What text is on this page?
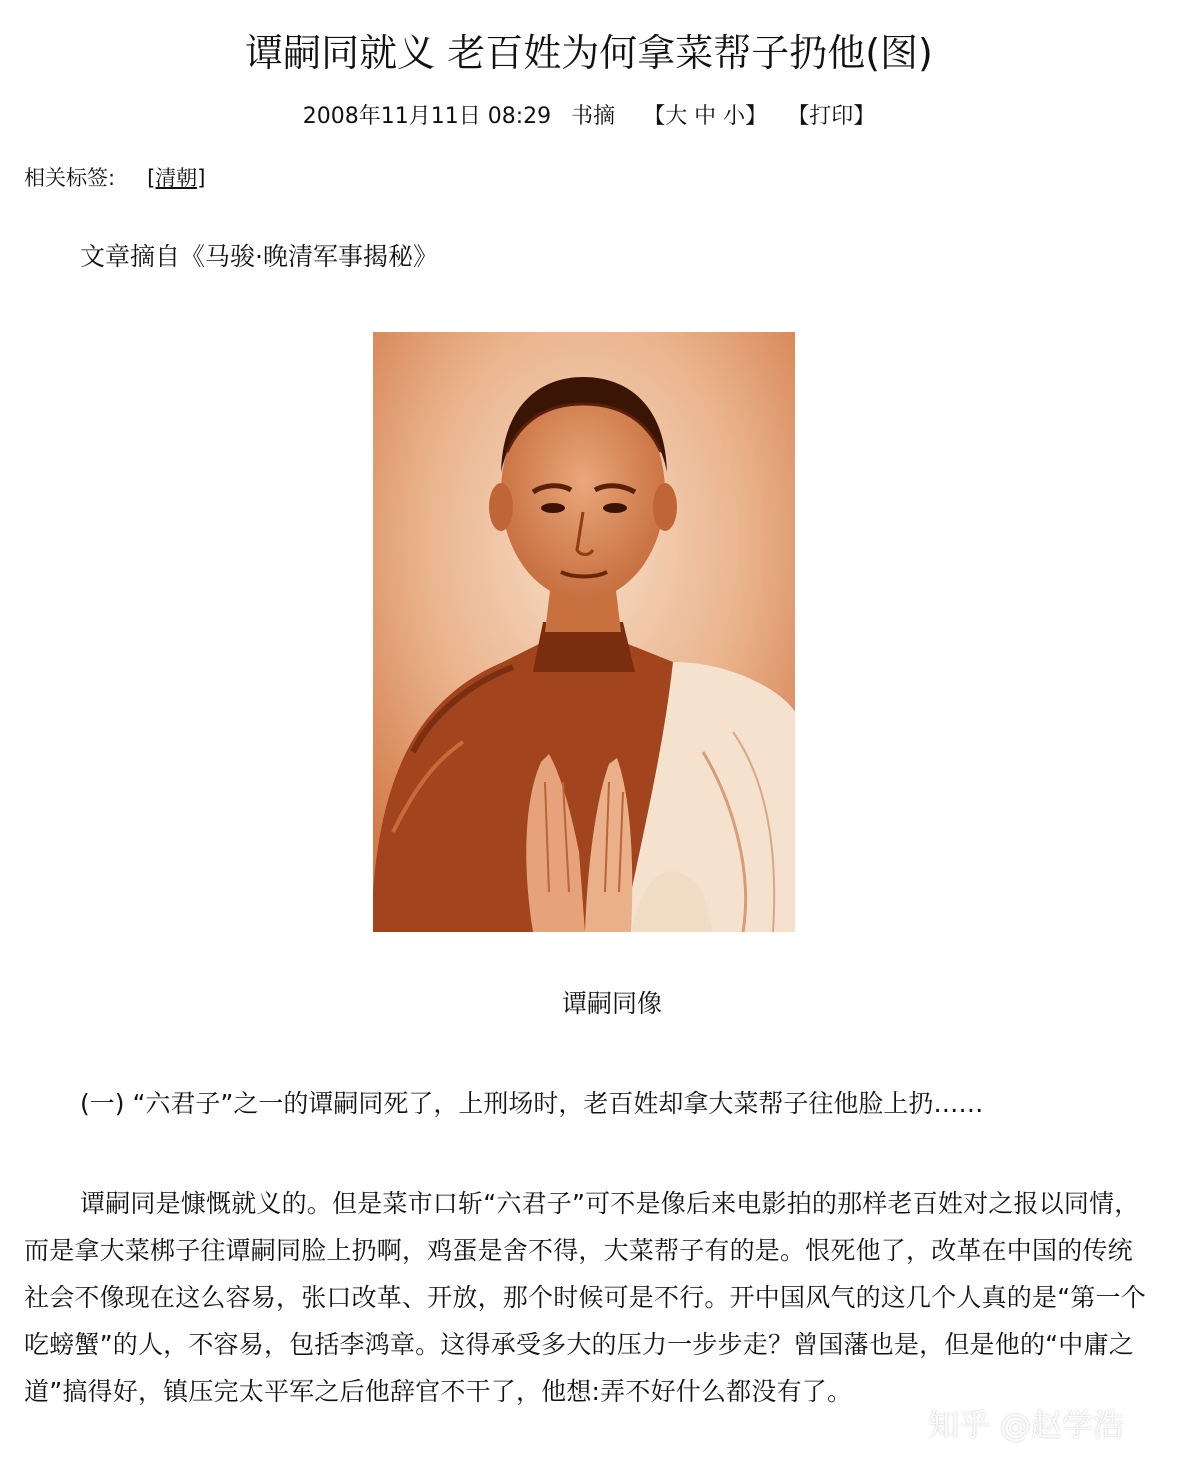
谭嗣同就义 老百姓为何拿菜帮子扔他(图)
2008年11月11日 08:29 书摘 【大 中 小】 【打印】
相关标签: [清朝]
文章摘自《马骏·晚清军事揭秘》
谭嗣同像
(一) “六君子”之一的谭嗣同死了，上刑场时，老百姓却拿大菜帮子往他脸上扔……

谭嗣同是慷慨就义的。但是菜市口斩“六君子”可不是像后来电影拍的那样老百姓对之报以同情，而是拿大菜梆子往谭嗣同脸上扔啊，鸡蛋是舍不得，大菜帮子有的是。恨死他了，改革在中国的传统社会不像现在这么容易，张口改革、开放，那个时候可是不行。开中国风气的这几个人真的是“第一个吃螃蟹”的人，不容易，包括李鸿章。这得承受多大的压力一步步走？曾国藩也是，但是他的“中庸之道”搞得好，镇压完太平军之后他辞官不干了，他想:弄不好什么都没有了。

知乎 @赵学浩
